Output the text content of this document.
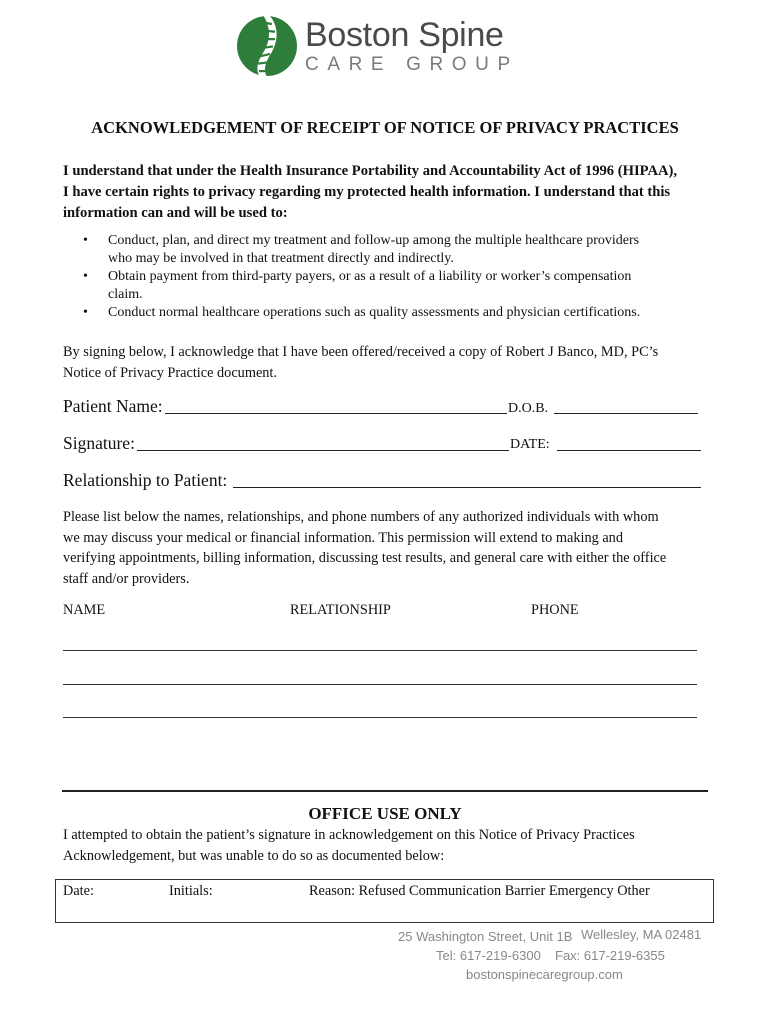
Boston Spine
CARE GROUP
ACKNOWLEDGEMENT OF RECEIPT OF NOTICE OF PRIVACY PRACTICES
I understand that under the Health Insurance Portability and Accountability Act of 1996 (HIPAA),
I have certain rights to privacy regarding my protected health information. I understand that this
information can and will be used to:
• Conduct, plan, and direct my treatment and follow-up among the multiple healthcare providers
who may be involved in that treatment directly and indirectly.
• Obtain payment from third-party payers, or as a result of a liability or worker’s compensation
claim.
• Conduct normal healthcare operations such as quality assessments and physician certifications.
By signing below, I acknowledge that I have been offered/received a copy of Robert J Banco, MD, PC’s
Notice of Privacy Practice document.
Patient Name:	D.O.B.
Signature:	DATE:
Relationship to Patient:
Please list below the names, relationships, and phone numbers of any authorized individuals with whom
we may discuss your medical or financial information. This permission will extend to making and
verifying appointments, billing information, discussing test results, and general care with either the office
staff and/or providers.
NAME	RELATIONSHIP	PHONE
OFFICE USE ONLY
I attempted to obtain the patient’s signature in acknowledgement on this Notice of Privacy Practices
Acknowledgement, but was unable to do so as documented below:
Date:	Initials:	Reason: Refused Communication Barrier Emergency Other
25 Washington Street, Unit 1B Wellesley, MA 02481
Tel: 617-219-6300 Fax: 617-219-6355
bostonspinecaregroup.com
